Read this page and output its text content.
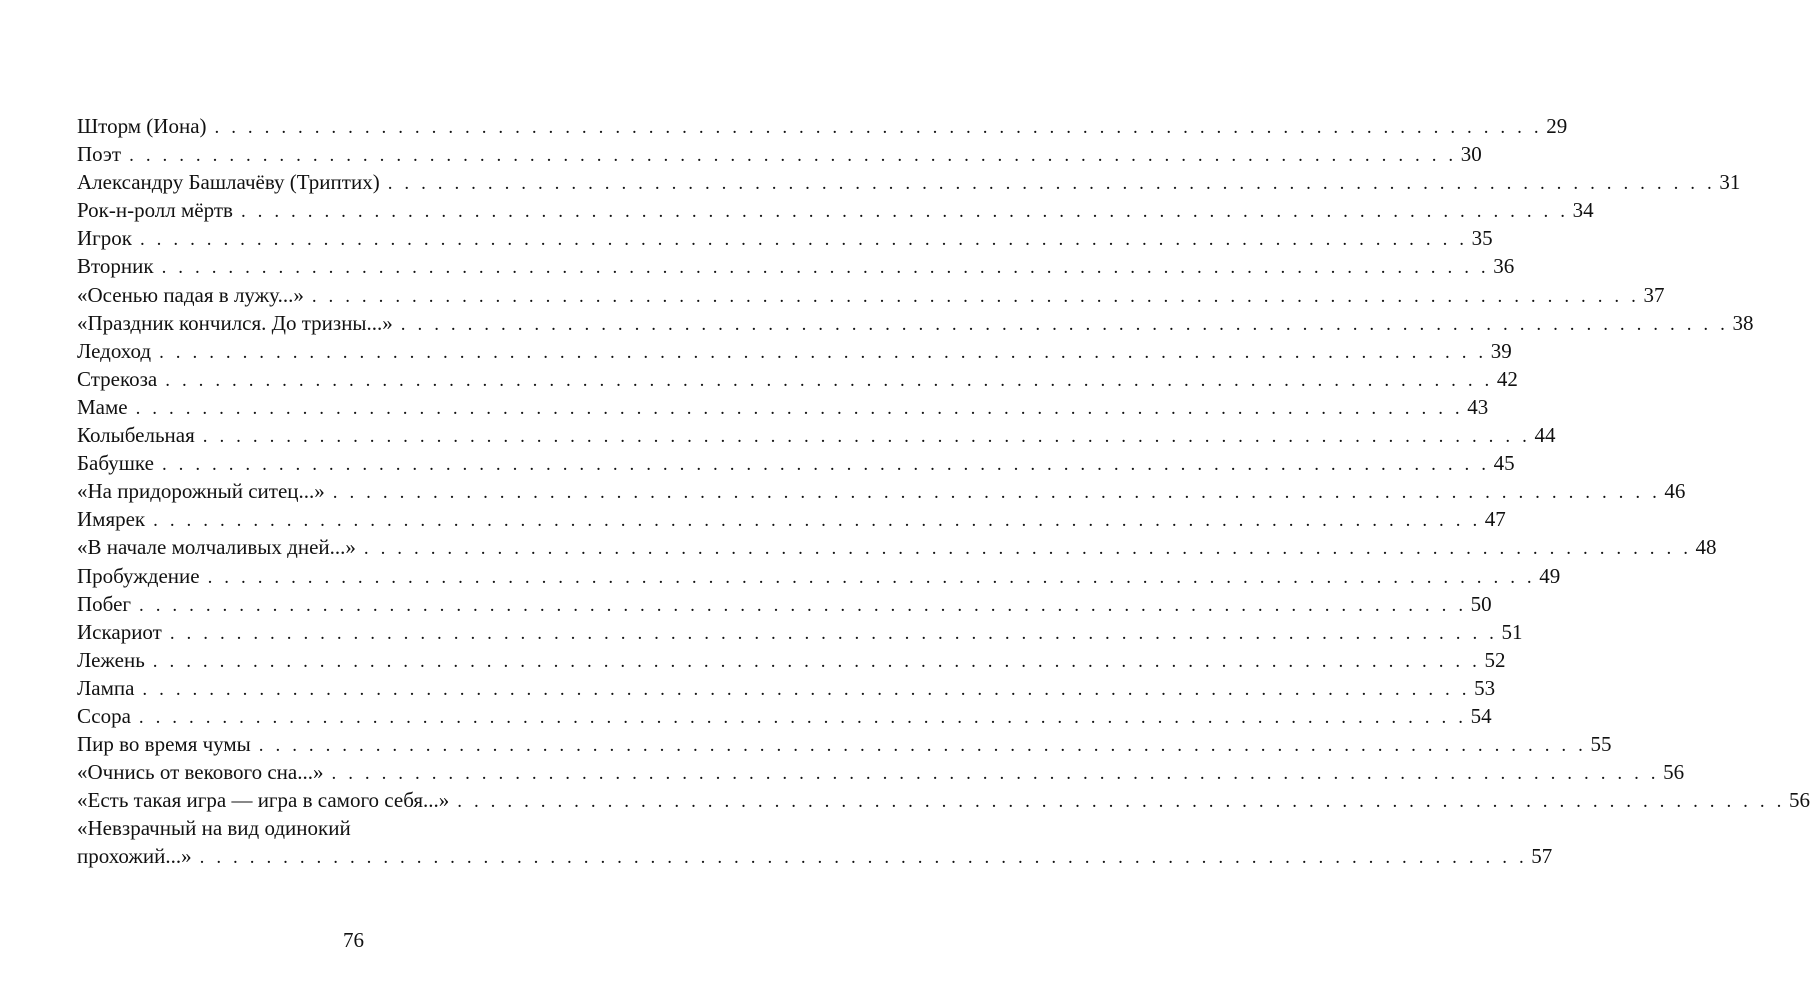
Шторм (Иона) . . . . . . . . . . . . . . . . . . . . . . . . . . . . . . . . . . . . . . . . . . . . . . . . . . . . . . . . . . . . . . . . . . . . . . . . . . . . . . . . 29
Поэт . . . . . . . . . . . . . . . . . . . . . . . . . . . . . . . . . . . . . . . . . . . . . . . . . . . . . . . . . . . . . . . . . . . . . . . . . . . . . . . . 30
Александру Башлачёву (Триптих) . . . . . . . . . . . . . . . . . . . . . . . . . . . . . . . . . . . . . . . . . . . . . . . . . . . . . . . . . . . . . . . . . . . . . . . . . . . . . . . . 31
Рок-н-ролл мёртв . . . . . . . . . . . . . . . . . . . . . . . . . . . . . . . . . . . . . . . . . . . . . . . . . . . . . . . . . . . . . . . . . . . . . . . . . . . . . . . . 34
Игрок . . . . . . . . . . . . . . . . . . . . . . . . . . . . . . . . . . . . . . . . . . . . . . . . . . . . . . . . . . . . . . . . . . . . . . . . . . . . . . . . 35
Вторник . . . . . . . . . . . . . . . . . . . . . . . . . . . . . . . . . . . . . . . . . . . . . . . . . . . . . . . . . . . . . . . . . . . . . . . . . . . . . . . . 36
«Осенью падая в лужу...» . . . . . . . . . . . . . . . . . . . . . . . . . . . . . . . . . . . . . . . . . . . . . . . . . . . . . . . . . . . . . . . . . . . . . . . . . . . . . . . . 37
«Праздник кончился. До тризны...» . . . . . . . . . . . . . . . . . . . . . . . . . . . . . . . . . . . . . . . . . . . . . . . . . . . . . . . . . . . . . . . . . . . . . . . . . . . . . . . . 38
Ледоход . . . . . . . . . . . . . . . . . . . . . . . . . . . . . . . . . . . . . . . . . . . . . . . . . . . . . . . . . . . . . . . . . . . . . . . . . . . . . . . . 39
Стрекоза . . . . . . . . . . . . . . . . . . . . . . . . . . . . . . . . . . . . . . . . . . . . . . . . . . . . . . . . . . . . . . . . . . . . . . . . . . . . . . . . 42
Маме . . . . . . . . . . . . . . . . . . . . . . . . . . . . . . . . . . . . . . . . . . . . . . . . . . . . . . . . . . . . . . . . . . . . . . . . . . . . . . . . 43
Колыбельная . . . . . . . . . . . . . . . . . . . . . . . . . . . . . . . . . . . . . . . . . . . . . . . . . . . . . . . . . . . . . . . . . . . . . . . . . . . . . . . . 44
Бабушке . . . . . . . . . . . . . . . . . . . . . . . . . . . . . . . . . . . . . . . . . . . . . . . . . . . . . . . . . . . . . . . . . . . . . . . . . . . . . . . . 45
«На придорожный ситец...» . . . . . . . . . . . . . . . . . . . . . . . . . . . . . . . . . . . . . . . . . . . . . . . . . . . . . . . . . . . . . . . . . . . . . . . . . . . . . . . . 46
Имярек . . . . . . . . . . . . . . . . . . . . . . . . . . . . . . . . . . . . . . . . . . . . . . . . . . . . . . . . . . . . . . . . . . . . . . . . . . . . . . . . 47
«В начале молчаливых дней...» . . . . . . . . . . . . . . . . . . . . . . . . . . . . . . . . . . . . . . . . . . . . . . . . . . . . . . . . . . . . . . . . . . . . . . . . . . . . . . . . 48
Пробуждение . . . . . . . . . . . . . . . . . . . . . . . . . . . . . . . . . . . . . . . . . . . . . . . . . . . . . . . . . . . . . . . . . . . . . . . . . . . . . . . . 49
Побег . . . . . . . . . . . . . . . . . . . . . . . . . . . . . . . . . . . . . . . . . . . . . . . . . . . . . . . . . . . . . . . . . . . . . . . . . . . . . . . . 50
Искариот . . . . . . . . . . . . . . . . . . . . . . . . . . . . . . . . . . . . . . . . . . . . . . . . . . . . . . . . . . . . . . . . . . . . . . . . . . . . . . . . 51
Лежень . . . . . . . . . . . . . . . . . . . . . . . . . . . . . . . . . . . . . . . . . . . . . . . . . . . . . . . . . . . . . . . . . . . . . . . . . . . . . . . . 52
Лампа . . . . . . . . . . . . . . . . . . . . . . . . . . . . . . . . . . . . . . . . . . . . . . . . . . . . . . . . . . . . . . . . . . . . . . . . . . . . . . . . 53
Ссора . . . . . . . . . . . . . . . . . . . . . . . . . . . . . . . . . . . . . . . . . . . . . . . . . . . . . . . . . . . . . . . . . . . . . . . . . . . . . . . . 54
Пир во время чумы . . . . . . . . . . . . . . . . . . . . . . . . . . . . . . . . . . . . . . . . . . . . . . . . . . . . . . . . . . . . . . . . . . . . . . . . . . . . . . . . 55
«Очнись от векового сна...» . . . . . . . . . . . . . . . . . . . . . . . . . . . . . . . . . . . . . . . . . . . . . . . . . . . . . . . . . . . . . . . . . . . . . . . . . . . . . . . . 56
«Есть такая игра — игра в самого себя...» . . . . . . . . . . . . . . . . . . . . . . . . . . . . . . . . . . . . . . . . . . . . . . . . . . . . . . . . . . . . . . . . . . . . . . . . . . . . . . . . 56
«Невзрачный на вид одинокий
прохожий...» . . . . . . . . . . . . . . . . . . . . . . . . . . . . . . . . . . . . . . . . . . . . . . . . . . . . . . . . . . . . . . . . . . . . . . . . . . . . . . . . 57
76
